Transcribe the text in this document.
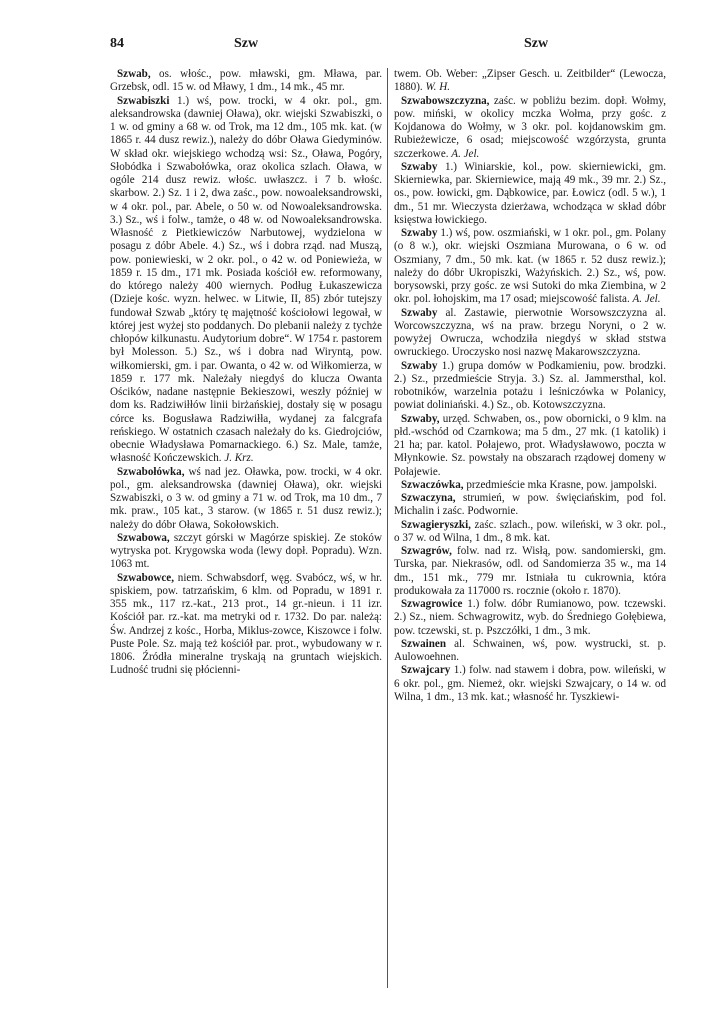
84	Szw	Szw

Szwab, os. włośc., pow. mławski, gm. Mława, par. Grzebsk, odl. 15 w. od Mławy, 1 dm., 14 mk., 45 mr.

Szwabiszki 1.) wś, pow. trocki, w 4 okr. pol., gm. aleksandrowska (dawniej Oława), okr. wiejski Szwabiszki, o 1 w. od gminy a 68 w. od Trok, ma 12 dm., 105 mk. kat. (w 1865 r. 44 dusz rewiz.), należy do dóbr Oława Giedyminów. W skład okr. wiejskiego wchodzą wsi: Sz., Oława, Pogóry, Słobódka i Szwabołówka, oraz okolica szlach. Oława, w ogóle 214 dusz rewiz. włośc. uwłaszcz. i 7 b. włośc. skarbow. 2.) Sz. 1 i 2, dwa zaśc., pow. nowoaleksandrowski, w 4 okr. pol., par. Abele, o 50 w. od Nowoaleksandrowska. 3.) Sz., wś i folw., tamże, o 48 w. od Nowoaleksandrowska. Własność z Pietkiewiczów Narbutowej, wydzielona w posagu z dóbr Abele. 4.) Sz., wś i dobra rząd. nad Muszą, pow. poniewieski, w 2 okr. pol., o 42 w. od Poniewieża, w 1859 r. 15 dm., 171 mk. Posiada kościół ew. reformowany, do którego należy 400 wiernych. Podług Łukaszewicza (Dzieje kośc. wyzn. helwec. w Litwie, II, 85) zbór tutejszy fundował Szwab „który tę majętność kościołowi legował, w której jest wyżej sto poddanych. Do plebanii należy z tychże chłopów kilkunastu. Audytorium dobre“. W 1754 r. pastorem był Molesson. 5.) Sz., wś i dobra nad Wiryntą, pow. wiłkomierski, gm. i par. Owanta, o 42 w. od Wiłkomierza, w 1859 r. 177 mk. Należały niegdyś do klucza Owanta Ościków, nadane następnie Bekieszowi, weszły później w dom ks. Radziwiłłów linii birżańskiej, dostały się w posagu córce ks. Bogusława Radziwiłła, wydanej za falcgrafa reńskiego. W ostatnich czasach należały do ks. Giedrojciów, obecnie Władysława Pomarnackiego. 6.) Sz. Male, tamże, własność Kończewskich. J. Krz.

Szwabołówka, wś nad jez. Oławka, pow. trocki, w 4 okr. pol., gm. aleksandrowska (dawniej Oława), okr. wiejski Szwabiszki, o 3 w. od gminy a 71 w. od Trok, ma 10 dm., 7 mk. praw., 105 kat., 3 starow. (w 1865 r. 51 dusz rewiz.); należy do dóbr Oława, Sokołowskich.

Szwabowa, szczyt górski w Magórze spiskiej. Ze stoków wytryska pot. Krygowska woda (lewy dopł. Popradu). Wzn. 1063 mt.

Szwabowce, niem. Schwabsdorf, węg. Svabócz, wś, w hr. spiskiem, pow. tatrzańskim, 6 klm. od Popradu, w 1891 r. 355 mk., 117 rz.-kat., 213 prot., 14 gr.-nieun. i 11 izr. Kościół par. rz.-kat. ma metryki od r. 1732. Do par. należą: Św. Andrzej z kośc., Horba, Miklus-zowce, Kiszowce i folw. Puste Pole. Sz. mają też kościół par. prot., wybudowany w r. 1806. Źródła mineralne tryskają na gruntach wiejskich. Ludność trudni się płócienni-

twem. Ob. Weber: „Zipser Gesch. u. Zeitbilder“ (Lewocza, 1880). W. H.

Szwabowszczyzna, zaśc. w pobliżu bezim. dopł. Wołmy, pow. miński, w okolicy mczka Wołma, przy gośc. z Kojdanowa do Wołmy, w 3 okr. pol. kojdanowskim gm. Rubieżewicze, 6 osad; miejscowość wzgórzysta, grunta szczerkowe. A. Jel.

Szwaby 1.) Winiarskie, kol., pow. skierniewicki, gm. Skierniewka, par. Skierniewice, mają 49 mk., 39 mr. 2.) Sz., os., pow. łowicki, gm. Dąbkowice, par. Łowicz (odl. 5 w.), 1 dm., 51 mr. Wieczysta dzierżawa, wchodząca w skład dóbr księstwa łowickiego.

Szwaby 1.) wś, pow. oszmiański, w 1 okr. pol., gm. Polany (o 8 w.), okr. wiejski Oszmiana Murowana, o 6 w. od Oszmiany, 7 dm., 50 mk. kat. (w 1865 r. 52 dusz rewiz.); należy do dóbr Ukropiszki, Ważyńskich. 2.) Sz., wś, pow. borysowski, przy gośc. ze wsi Sutoki do mka Ziembina, w 2 okr. pol. łohojskim, ma 17 osad; miejscowość falista. A. Jel.

Szwaby al. Zastawie, pierwotnie Worsowszczyzna al. Worcowszczyzna, wś na praw. brzegu Noryni, o 2 w. powyżej Owrucza, wchodziła niegdyś w skład ststwa owruckiego. Uroczysko nosi nazwę Makarowszczyzna.

Szwaby 1.) grupa domów w Podkamieniu, pow. brodzki. 2.) Sz., przedmieście Stryja. 3.) Sz. al. Jammersthal, kol. robotników, warzelnia potażu i leśniczówka w Polanicy, powiat doliniański. 4.) Sz., ob. Kotowszczyzna.

Szwaby, urzęd. Schwaben, os., pow obornicki, o 9 klm. na płd.-wschód od Czarnkowa; ma 5 dm., 27 mk. (1 katolik) i 21 ha; par. katol. Połajewo, prot. Władysławowo, poczta w Młynkowie. Sz. powstały na obszarach rządowej domeny w Połajewie.

Szwaczówka, przedmieście mka Krasne, pow. jampolski.

Szwaczyna, strumień, w pow. święciańskim, pod fol. Michalin i zaśc. Podwornie.

Szwagieryszki, zaśc. szlach., pow. wileński, w 3 okr. pol., o 37 w. od Wilna, 1 dm., 8 mk. kat.

Szwagrów, folw. nad rz. Wisłą, pow. sandomierski, gm. Turska, par. Niekrasów, odl. od Sandomierza 35 w., ma 14 dm., 151 mk., 779 mr. Istniała tu cukrownia, która produkowała za 117000 rs. rocznie (około r. 1870).

Szwagrowice 1.) folw. dóbr Rumianowo, pow. tczewski. 2.) Sz., niem. Schwagrowitz, wyb. do Średniego Gołębiewa, pow. tczewski, st. p. Pszczółki, 1 dm., 3 mk.

Szwainen al. Schwainen, wś, pow. wystrucki, st. p. Aulowoehnen.

Szwajcary 1.) folw. nad stawem i dobra, pow. wileński, w 6 okr. pol., gm. Niemeż, okr. wiejski Szwajcary, o 14 w. od Wilna, 1 dm., 13 mk. kat.; własność hr. Tyszkiewi-
